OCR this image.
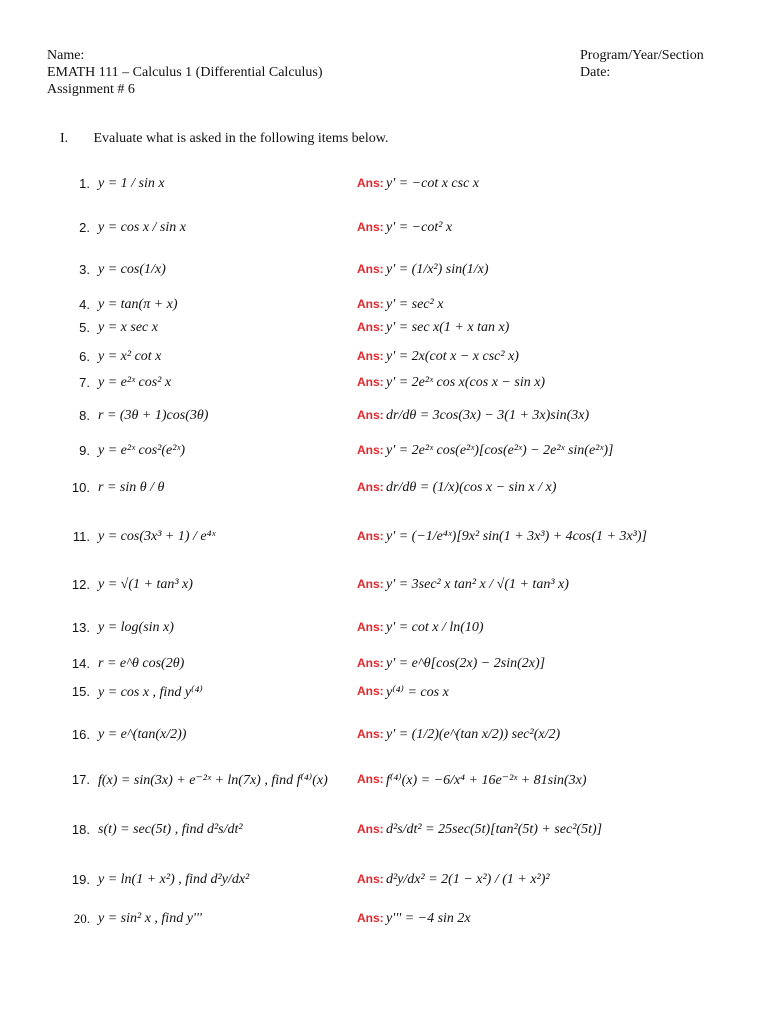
Name:
EMATH 111 – Calculus 1 (Differential Calculus)
Assignment # 6
Program/Year/Section
Date:
I. Evaluate what is asked in the following items below.
1. y = 1 / sin x	Ans: y' = −cot x csc x
2. y = cos x / sin x	Ans: y' = −cot² x
3. y = cos(1/x)	Ans: y' = (1/x²) sin(1/x)
4. y = tan(π + x)	Ans: y' = sec² x
5. y = x sec x	Ans: y' = sec x(1 + x tan x)
6. y = x² cot x	Ans: y' = 2x(cot x − x csc² x)
7. y = e²ˣ cos² x	Ans: y' = 2e²ˣ cos x(cos x − sin x)
8. r = (3θ + 1)cos(3θ)	Ans: dr/dθ = 3cos(3x) − 3(1 + 3x)sin(3x)
9. y = e²ˣ cos²(e²ˣ)	Ans: y' = 2e²ˣ cos(e²ˣ)[cos(e²ˣ) − 2e²ˣ sin(e²ˣ)]
10. r = sin θ / θ	Ans: dr/dθ = (1/x)(cos x − sin x / x)
11. y = cos(3x³ + 1) / e⁴ˣ	Ans: y' = (−1/e⁴ˣ)[9x² sin(1 + 3x³) + 4cos(1 + 3x³)]
12. y = √(1 + tan³ x)	Ans: y' = 3sec² x tan² x / √(1 + tan³ x)
13. y = log(sin x)	Ans: y' = cot x / ln(10)
14. r = e^θ cos(2θ)	Ans: y' = e^θ[cos(2x) − 2sin(2x)]
15. y = cos x , find y⁽⁴⁾	Ans: y⁽⁴⁾ = cos x
16. y = e^(tan(x/2))	Ans: y' = (1/2)(e^(tan x/2)) sec²(x/2)
17. f(x) = sin(3x) + e⁻²ˣ + ln(7x) , find f⁽⁴⁾(x) Ans: f⁽⁴⁾(x) = −6/x⁴ + 16e⁻²ˣ + 81sin(3x)
18. s(t) = sec(5t) , find d²s/dt²	Ans: d²s/dt² = 25sec(5t)[tan²(5t) + sec²(5t)]
19. y = ln(1 + x²) , find d²y/dx²	Ans: d²y/dx² = 2(1 − x²) / (1 + x²)²
20. y = sin² x , find y'''	Ans: y''' = −4 sin 2x
